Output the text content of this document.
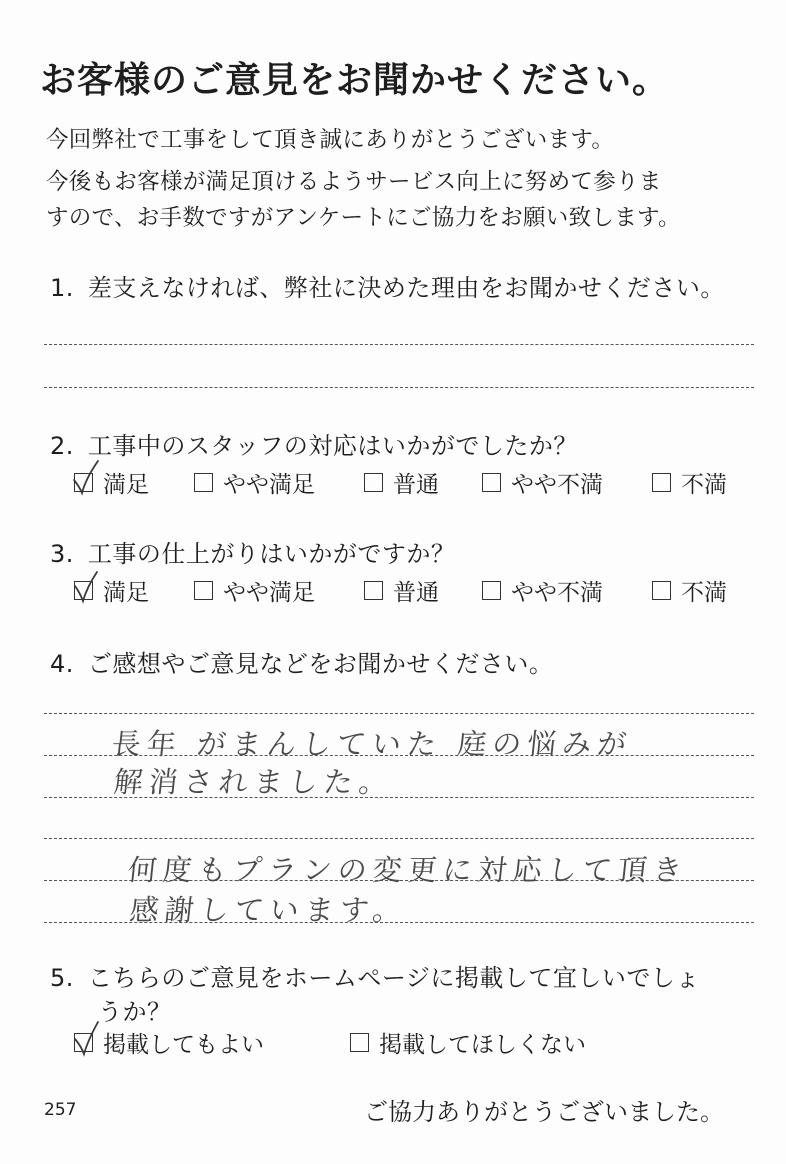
お客様のご意見をお聞かせください。
今回弊社で工事をして頂き誠にありがとうございます。
今後もお客様が満足頂けるようサービス向上に努めて参りま
すので、お手数ですがアンケートにご協力をお願い致します。
1. 差支えなければ、弊社に決めた理由をお聞かせください。
2. 工事中のスタッフの対応はいかがでしたか？
満足	やや満足	普通	やや不満	不満
3. 工事の仕上がりはいかがですか？
満足	やや満足	普通	やや不満	不満
4. ご感想やご意見などをお聞かせください。
長年 がまんしていた 庭の悩みが
解消されました。
何度もプランの変更に対応して頂き
感謝しています。
5. こちらのご意見をホームページに掲載して宜しいでしょ
うか？
掲載してもよい	掲載してほしくない
257	ご協力ありがとうございました。
